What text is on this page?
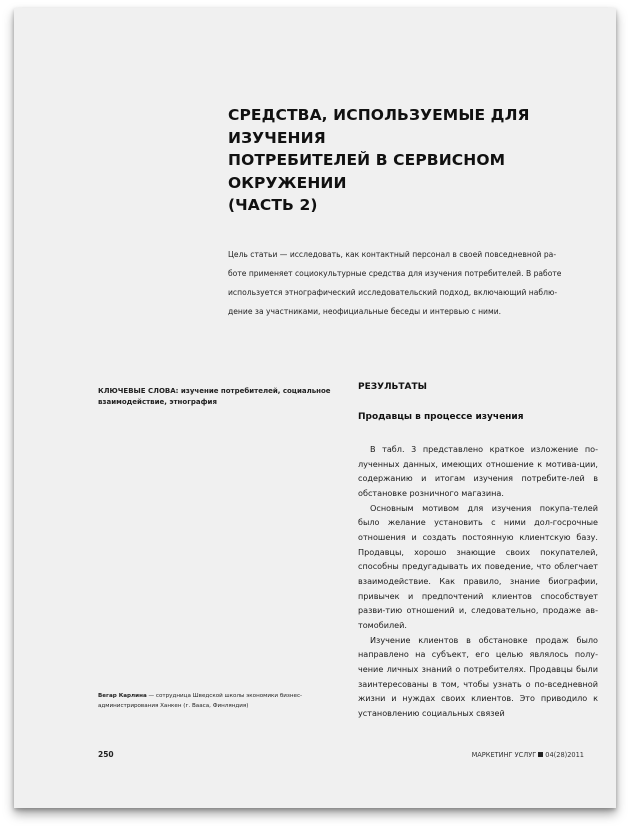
СРЕДСТВА, ИСПОЛЬЗУЕМЫЕ ДЛЯ ИЗУЧЕНИЯ
ПОТРЕБИТЕЛЕЙ В СЕРВИСНОМ ОКРУЖЕНИИ
(ЧАСТЬ 2)

Цель статьи — исследовать, как контактный персонал в своей повседневной ра-
боте применяет социокультурные средства для изучения потребителей. В работе
используется этнографический исследовательский подход, включающий наблю-
дение за участниками, неофициальные беседы и интервью с ними.

КЛЮЧЕВЫЕ СЛОВА: изучение потребителей, социальное взаимодействие, этнография

РЕЗУЛЬТАТЫ
Продавцы в процессе изучения

В табл. 3 представлено краткое изложение по-лученных данных, имеющих отношение к мотива-ции, содержанию и итогам изучения потребите-лей в обстановке розничного магазина.

Основным мотивом для изучения покупа-телей было желание установить с ними дол-госрочные отношения и создать постоянную клиентскую базу. Продавцы, хорошо знающие своих покупателей, способны предугадывать их поведение, что облегчает взаимодействие. Как правило, знание биографии, привычек и предпочтений клиентов способствует разви-тию отношений и, следовательно, продаже ав-томобилей.

Изучение клиентов в обстановке продаж было направлено на субъект, его целью являлось полу-чение личных знаний о потребителях. Продавцы были заинтересованы в том, чтобы узнать о по-вседневной жизни и нуждах своих клиентов. Это приводило к установлению социальных связей

Вегар Карлина — сотрудница Шведской школы экономики бизнес-администрирования Ханкен (г. Вааса, Финляндия)

250	МАРКЕТИНГ УСЛУГ 04(28)2011
